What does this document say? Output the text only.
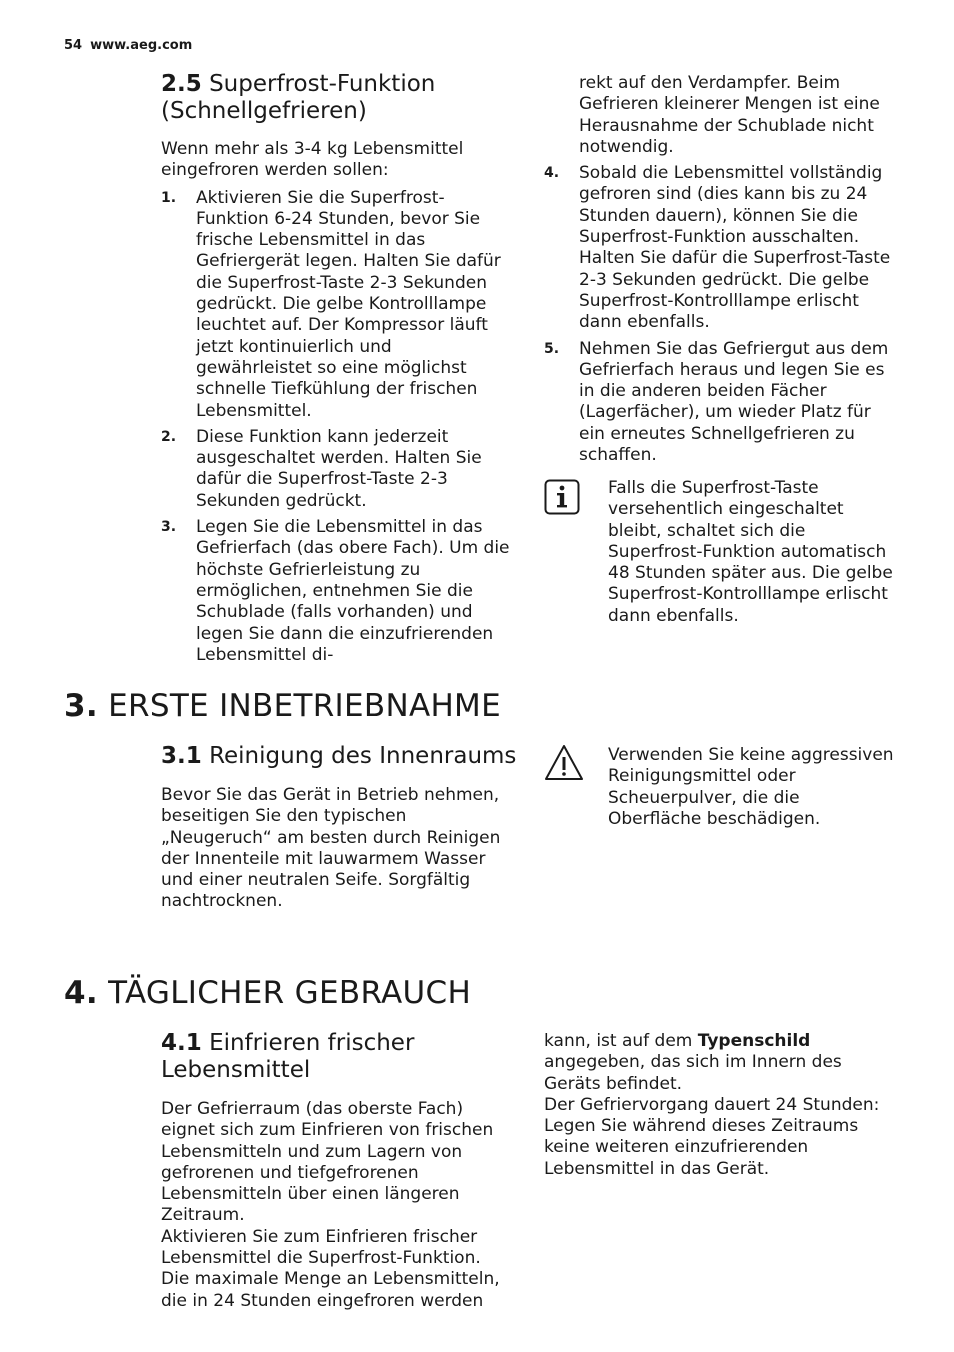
54 www.aeg.com
2.5 Superfrost-Funktion (Schnellgefrieren)

Wenn mehr als 3-4 kg Lebensmittel eingefroren werden sollen:

1. Aktivieren Sie die Superfrost-Funktion 6-24 Stunden, bevor Sie frische Lebensmittel in das Gefriergerät legen. Halten Sie dafür die Superfrost-Taste 2-3 Sekunden gedrückt. Die gelbe Kontrolllampe leuchtet auf. Der Kompressor läuft jetzt kontinuierlich und gewährleistet so eine möglichst schnelle Tiefkühlung der frischen Lebensmittel.
2. Diese Funktion kann jederzeit ausgeschaltet werden. Halten Sie dafür die Superfrost-Taste 2-3 Sekunden gedrückt.
3. Legen Sie die Lebensmittel in das Gefrierfach (das obere Fach). Um die höchste Gefrierleistung zu ermöglichen, entnehmen Sie die Schublade (falls vorhanden) und legen Sie dann die einzufrierenden Lebensmittel di-

rekt auf den Verdampfer. Beim Gefrieren kleinerer Mengen ist eine Herausnahme der Schublade nicht notwendig.

4. Sobald die Lebensmittel vollständig gefroren sind (dies kann bis zu 24 Stunden dauern), können Sie die Superfrost-Funktion ausschalten. Halten Sie dafür die Superfrost-Taste 2-3 Sekunden gedrückt. Die gelbe Superfrost-Kontrolllampe erlischt dann ebenfalls.
5. Nehmen Sie das Gefriergut aus dem Gefrierfach heraus und legen Sie es in die anderen beiden Fächer (Lagerfächer), um wieder Platz für ein erneutes Schnellgefrieren zu schaffen.
Falls die Superfrost-Taste versehentlich eingeschaltet bleibt, schaltet sich die Superfrost-Funktion automatisch 48 Stunden später aus. Die gelbe Superfrost-Kontrolllampe erlischt dann ebenfalls.
3. ERSTE INBETRIEBNAHME
3.1 Reinigung des Innenraums
Bevor Sie das Gerät in Betrieb nehmen, beseitigen Sie den typischen „Neugeruch“ am besten durch Reinigen der Innenteile mit lauwarmem Wasser und einer neutralen Seife. Sorgfältig nachtrocknen.
Verwenden Sie keine aggressiven Reinigungsmittel oder Scheuerpulver, die die Oberfläche beschädigen.
4. TÄGLICHER GEBRAUCH
4.1 Einfrieren frischer Lebensmittel

Der Gefrierraum (das oberste Fach) eignet sich zum Einfrieren von frischen Lebensmitteln und zum Lagern von gefrorenen und tiefgefrorenen Lebensmitteln über einen längeren Zeitraum.

Aktivieren Sie zum Einfrieren frischer Lebensmittel die Superfrost-Funktion.

Die maximale Menge an Lebensmitteln, die in 24 Stunden eingefroren werden

kann, ist auf dem Typenschild angegeben, das sich im Innern des Geräts befindet.

Der Gefriervorgang dauert 24 Stunden: Legen Sie während dieses Zeitraums keine weiteren einzufrierenden Lebensmittel in das Gerät.
